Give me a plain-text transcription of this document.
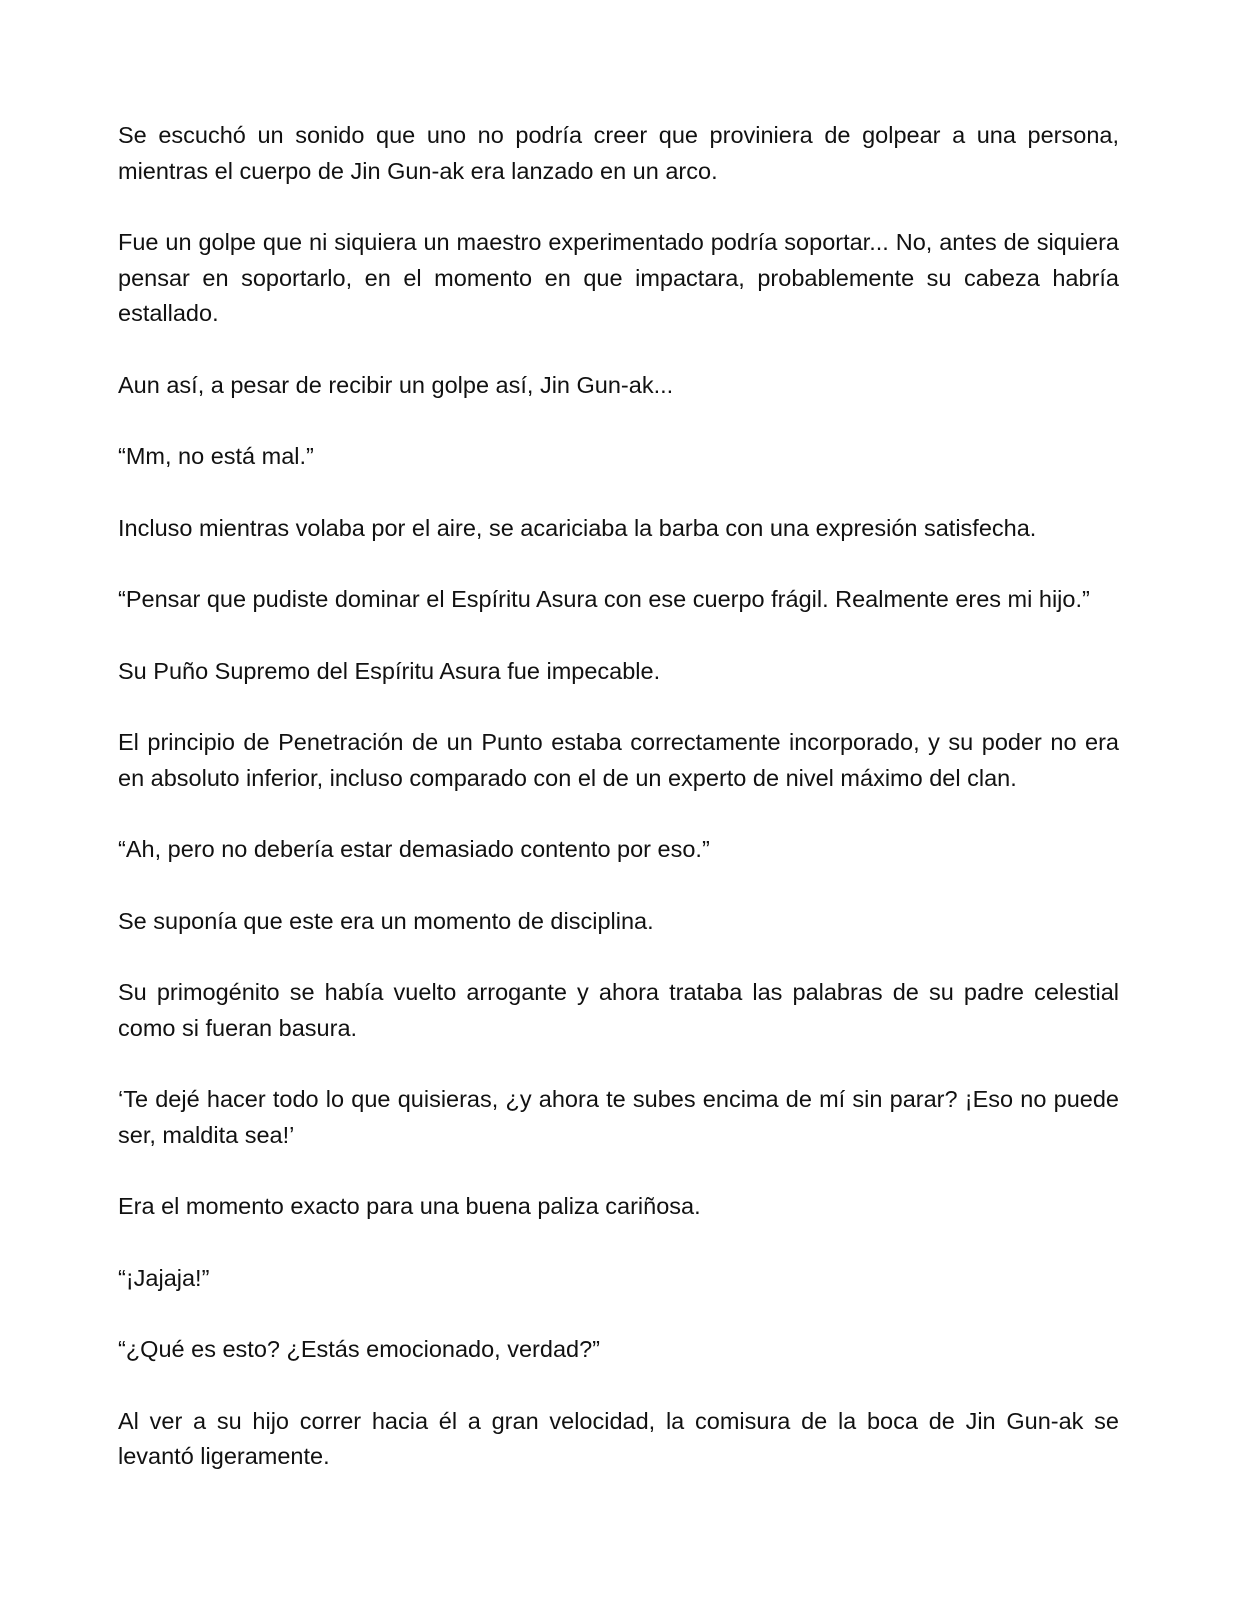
Se escuchó un sonido que uno no podría creer que proviniera de golpear a una persona, mientras el cuerpo de Jin Gun-ak era lanzado en un arco.

Fue un golpe que ni siquiera un maestro experimentado podría soportar... No, antes de siquiera pensar en soportarlo, en el momento en que impactara, probablemente su cabeza habría estallado.

Aun así, a pesar de recibir un golpe así, Jin Gun-ak...

“Mm, no está mal.”

Incluso mientras volaba por el aire, se acariciaba la barba con una expresión satisfecha.

“Pensar que pudiste dominar el Espíritu Asura con ese cuerpo frágil. Realmente eres mi hijo.”

Su Puño Supremo del Espíritu Asura fue impecable.

El principio de Penetración de un Punto estaba correctamente incorporado, y su poder no era en absoluto inferior, incluso comparado con el de un experto de nivel máximo del clan.

“Ah, pero no debería estar demasiado contento por eso.”

Se suponía que este era un momento de disciplina.

Su primogénito se había vuelto arrogante y ahora trataba las palabras de su padre celestial como si fueran basura.

‘Te dejé hacer todo lo que quisieras, ¿y ahora te subes encima de mí sin parar? ¡Eso no puede ser, maldita sea!’

Era el momento exacto para una buena paliza cariñosa.

“¡Jajaja!”

“¿Qué es esto? ¿Estás emocionado, verdad?”

Al ver a su hijo correr hacia él a gran velocidad, la comisura de la boca de Jin Gun-ak se levantó ligeramente.
